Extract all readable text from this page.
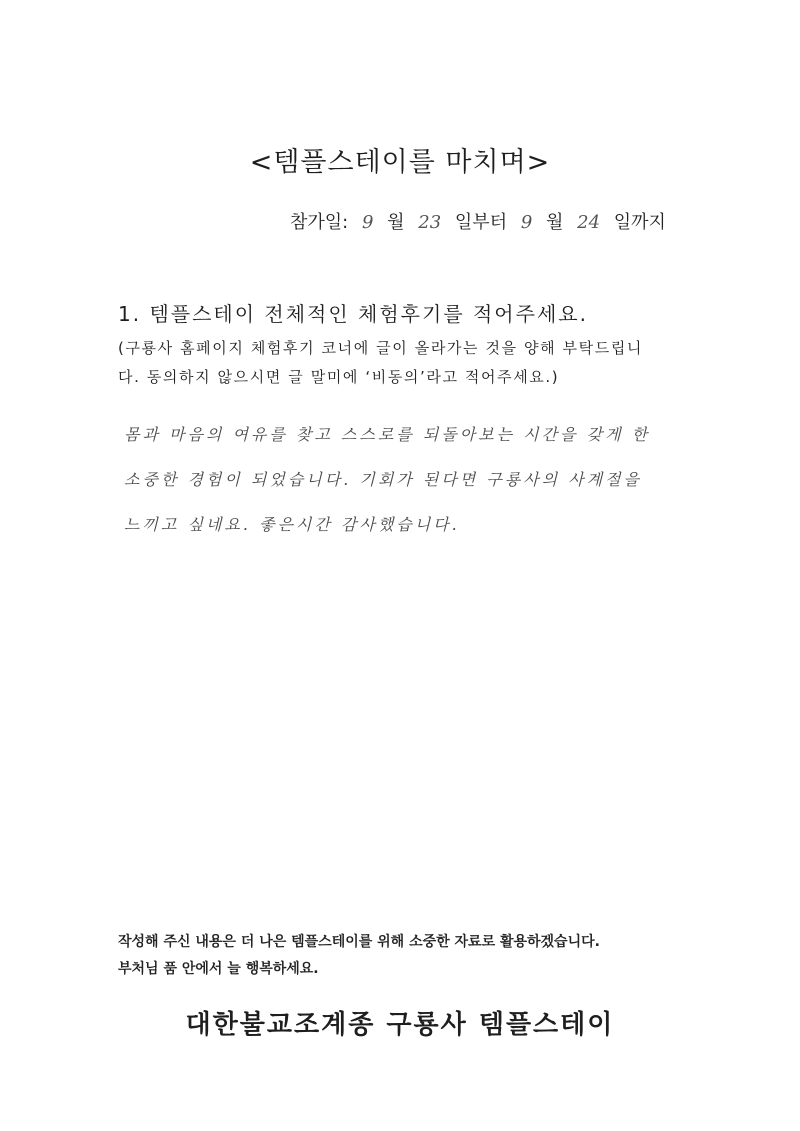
<템플스테이를 마치며>
참가일: 9 월 23 일부터 9 월 24 일까지
1. 템플스테이 전체적인 체험후기를 적어주세요.
(구룡사 홈페이지 체험후기 코너에 글이 올라가는 것을 양해 부탁드립니
다. 동의하지 않으시면 글 말미에 ‘비동의’라고 적어주세요.)
몸과 마음의 여유를 찾고 스스로를 되돌아보는 시간을 갖게 한
소중한 경험이 되었습니다. 기회가 된다면 구룡사의 사계절을
느끼고 싶네요. 좋은시간 감사했습니다.
작성해 주신 내용은 더 나은 템플스테이를 위해 소중한 자료로 활용하겠습니다.
부처님 품 안에서 늘 행복하세요.
대한불교조계종 구룡사 템플스테이
